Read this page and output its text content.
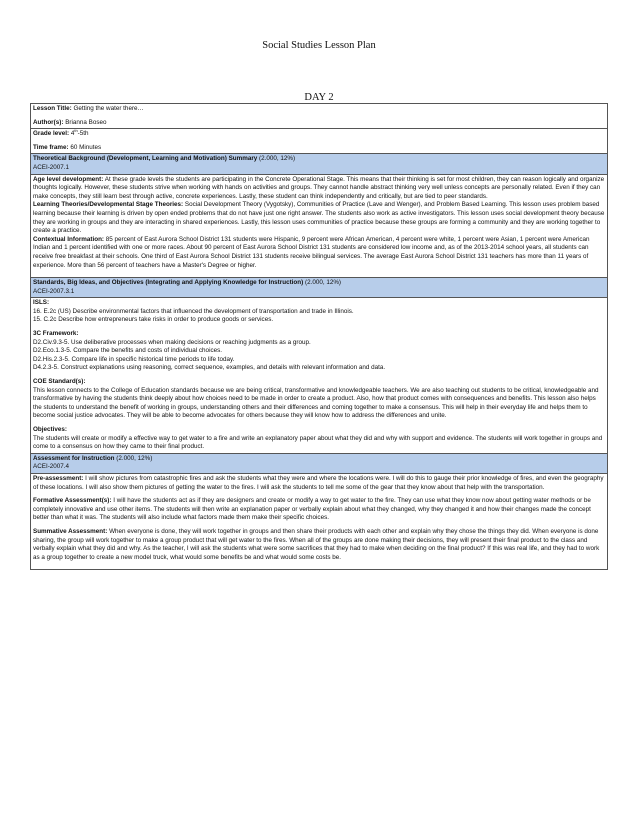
Social Studies Lesson Plan
DAY 2
Lesson Title: Getting the water there…
Author(s): Brianna Boseo
Grade level: 4th-5th
Time frame: 60 Minutes
Theoretical Background (Development, Learning and Motivation) Summary (2.000, 12%)
ACEI-2007.1

Age level development: At these grade levels the students are participating in the Concrete Operational Stage. This means that their thinking is set for most children, they can reason logically and organize thoughts logically. However, these students strive when working with hands on activities and groups. They cannot handle abstract thinking very well unless concepts are personally related. Even if they can make concepts, they still learn best through active, concrete experiences. Lastly, these student can think independently and critically, but are tied to peer standards.
Learning Theories/Developmental Stage Theories: Social Development Theory (Vygotsky), Communities of Practice (Lave and Wenger), and Problem Based Learning. This lesson uses problem based learning because their learning is driven by open ended problems that do not have just one right answer. The students also work as active investigators. This lesson uses social development theory because they are working in groups and they are interacting in shared experiences. Lastly, this lesson uses communities of practice because these groups are forming a community and they are working together to create a practice.
Contextual Information: 85 percent of East Aurora School District 131 students were Hispanic, 9 percent were African American, 4 percent were white, 1 percent were Asian, 1 percent were American Indian and 1 percent identified with one or more races. About 90 percent of East Aurora School District 131 students are considered low income and, as of the 2013-2014 school years, all students can receive free breakfast at their schools. One third of East Aurora School District 131 students receive bilingual services. The average East Aurora School District 131 teachers has more than 11 years of experience. More than 56 percent of teachers have a Master's Degree or higher.

Standards, Big Ideas, and Objectives (Integrating and Applying Knowledge for Instruction) (2.000, 12%)
ACEI-2007.3.1

ISLS:
16. E.2c (US) Describe environmental factors that influenced the development of transportation and trade in Illinois.
15. C.2c Describe how entrepreneurs take risks in order to produce goods or services.
3C Framework:
D2.Civ.9.3-5. Use deliberative processes when making decisions or reaching judgments as a group.
D2.Eco.1.3-5. Compare the benefits and costs of individual choices.
D2.His.2.3-5. Compare life in specific historical time periods to life today.
D4.2.3-5. Construct explanations using reasoning, correct sequence, examples, and details with relevant information and data.
COE Standard(s):
This lesson connects to the College of Education standards because we are being critical, transformative and knowledgeable teachers. We are also teaching out students to be critical, knowledgeable and transformative by having the students think deeply about how choices need to be made in order to create a product. Also, how that product comes with consequences and benefits. This lesson also helps the students to understand the benefit of working in groups, understanding others and their differences and coming together to make a consensus. This will help in their everyday life and helps them to become social justice advocates. They will be able to become advocates for others because they will know how to address the differences and unite.
Objectives:
The students will create or modify a effective way to get water to a fire and write an explanatory paper about what they did and why with support and evidence. The students will work together in groups and come to a consensus on how they came to their final product.

Assessment for Instruction (2.000, 12%)
ACEI-2007.4

Pre-assessment: I will show pictures from catastrophic fires and ask the students what they were and where the locations were. I will do this to gauge their prior knowledge of fires, and even the geography of these locations. I will also show them pictures of getting the water to the fires. I will ask the students to tell me some of the gear that they know about that help with the transportation.
Formative Assessment(s): I will have the students act as if they are designers and create or modify a way to get water to the fire. They can use what they know now about getting water methods or be completely innovative and use other items. The students will then write an explanation paper or verbally explain about what they changed, why they changed it and how their changes made the concept better than what it was. The students will also include what factors made them make their specific choices.
Summative Assessment: When everyone is done, they will work together in groups and then share their products with each other and explain why they chose the things they did. When everyone is done sharing, the group will work together to make a group product that will get water to the fires. When all of the groups are done making their decisions, they will present their final product to the class and verbally explain what they did and why. As the teacher, I will ask the students what were some sacrifices that they had to make when deciding on the final product? If this was real life, and they had to work as a group together to create a new model truck, what would some benefits be and what would some costs be.
